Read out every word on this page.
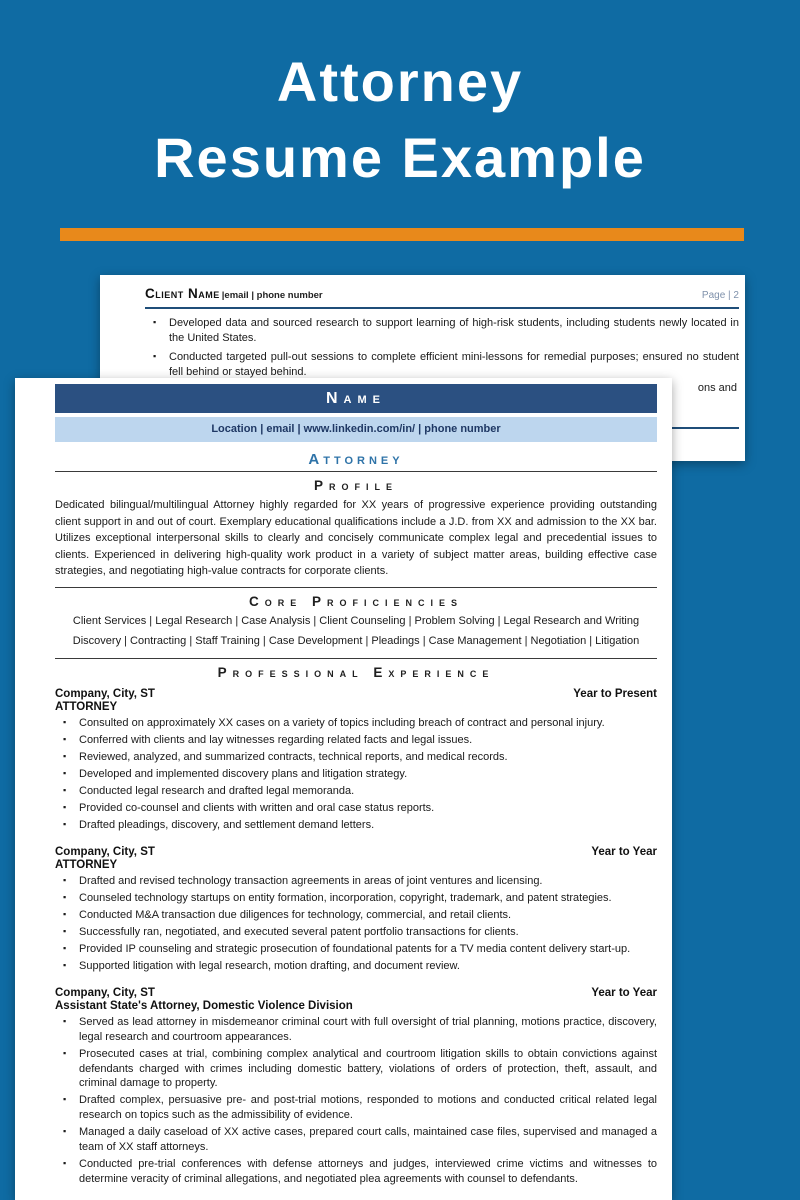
Attorney
Resume Example
Client Name |email | phone number	Page | 2
▪ Developed data and sourced research to support learning of high-risk students, including students newly located in the United States.
▪ Conducted targeted pull-out sessions to complete efficient mini-lessons for remedial purposes; ensured no student fell behind or stayed behind.
ons and
Name
Location | email | www.linkedin.com/in/ | phone number
Attorney
Profile

Dedicated bilingual/multilingual Attorney highly regarded for XX years of progressive experience providing outstanding client support in and out of court. Exemplary educational qualifications include a J.D. from XX and admission to the XX bar. Utilizes exceptional interpersonal skills to clearly and concisely communicate complex legal and precedential issues to clients. Experienced in delivering high-quality work product in a variety of subject matter areas, building effective case strategies, and negotiating high-value contracts for corporate clients.

Core Proficiencies
Client Services | Legal Research | Case Analysis | Client Counseling | Problem Solving | Legal Research and Writing
Discovery | Contracting | Staff Training | Case Development | Pleadings | Case Management | Negotiation | Litigation
Professional Experience
Company, City, ST	Year to Present
ATTORNEY
▪ Consulted on approximately XX cases on a variety of topics including breach of contract and personal injury.
▪ Conferred with clients and lay witnesses regarding related facts and legal issues.
▪ Reviewed, analyzed, and summarized contracts, technical reports, and medical records.
▪ Developed and implemented discovery plans and litigation strategy.
▪ Conducted legal research and drafted legal memoranda.
▪ Provided co-counsel and clients with written and oral case status reports.
▪ Drafted pleadings, discovery, and settlement demand letters.
Company, City, ST	Year to Year
ATTORNEY
▪ Drafted and revised technology transaction agreements in areas of joint ventures and licensing.
▪ Counseled technology startups on entity formation, incorporation, copyright, trademark, and patent strategies.
▪ Conducted M&A transaction due diligences for technology, commercial, and retail clients.
▪ Successfully ran, negotiated, and executed several patent portfolio transactions for clients.
▪ Provided IP counseling and strategic prosecution of foundational patents for a TV media content delivery start-up.
▪ Supported litigation with legal research, motion drafting, and document review.
Company, City, ST	Year to Year
Assistant State's Attorney, Domestic Violence Division
▪ Served as lead attorney in misdemeanor criminal court with full oversight of trial planning, motions practice, discovery, legal research and courtroom appearances.
▪ Prosecuted cases at trial, combining complex analytical and courtroom litigation skills to obtain convictions against defendants charged with crimes including domestic battery, violations of orders of protection, theft, assault, and criminal damage to property.
▪ Drafted complex, persuasive pre- and post-trial motions, responded to motions and conducted critical related legal research on topics such as the admissibility of evidence.
▪ Managed a daily caseload of XX active cases, prepared court calls, maintained case files, supervised and managed a team of XX staff attorneys.
▪ Conducted pre-trial conferences with defense attorneys and judges, interviewed crime victims and witnesses to determine veracity of criminal allegations, and negotiated plea agreements with counsel to defendants.
